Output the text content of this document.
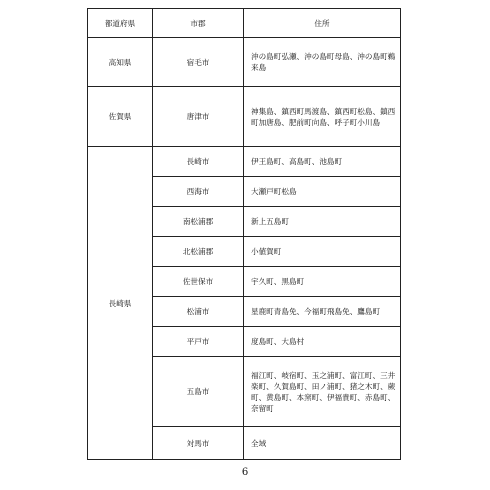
都道府県	市郡	住所
高知県	宿毛市	沖の島町弘瀬、沖の島町母島、沖の島町鵜来島
佐賀県	唐津市	神集島、鎮西町馬渡島、鎮西町松島、鎮西町加唐島、肥前町向島、呼子町小川島
長崎県	長崎市	伊王島町、高島町、池島町
	西海市	大瀬戸町松島
	南松浦郡	新上五島町
	北松浦郡	小値賀町
	佐世保市	宇久町、黒島町
	松浦市	星鹿町青島免、今福町飛島免、鷹島町
	平戸市	度島町、大島村
	五島市	福江町、岐宿町、玉之浦町、富江町、三井楽町、久賀島町、田ノ浦町、猪之木町、蕨町、黄島町、本窯町、伊福貴町、赤島町、奈留町
	対馬市	全域
6
